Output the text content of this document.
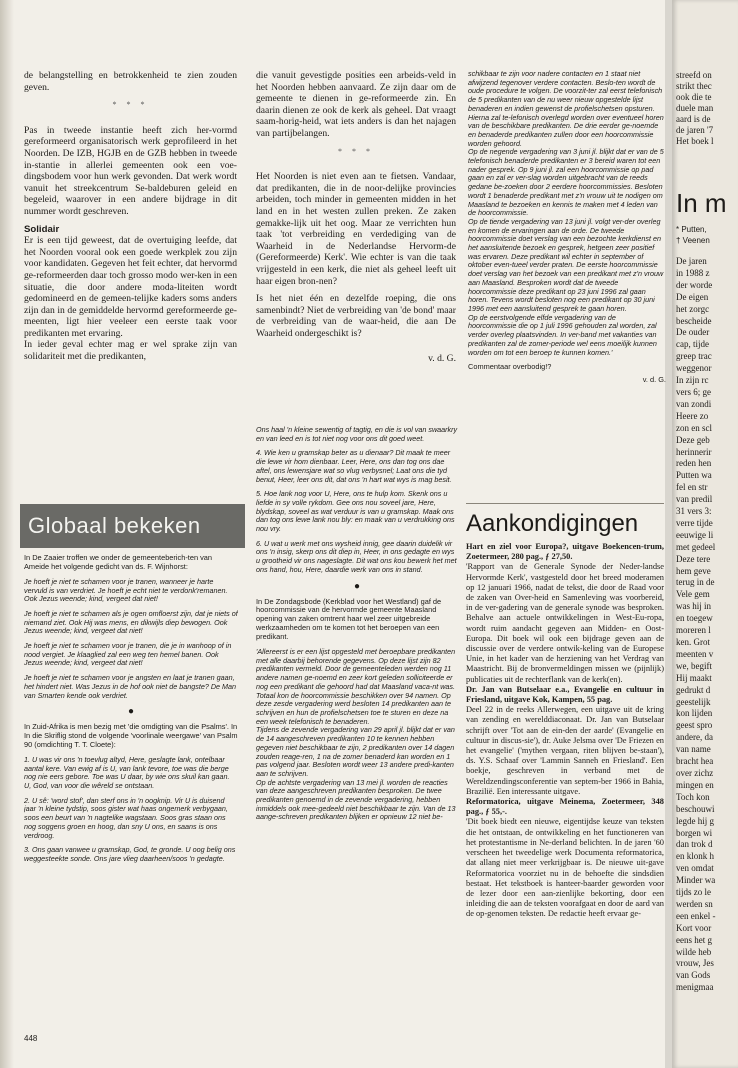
de belangstelling en betrokkenheid te zien zouden geven.

* * *

Pas in tweede instantie heeft zich her-vormd gereformeerd organisatorisch werk geprofileerd in het Noorden. De IZB, HGJB en de GZB hebben in tweede in-stantie in allerlei gemeenten ook een voe-dingsbodem voor hun werk gevonden. Dat werk wordt vanuit het streekcentrum Se-baldeburen geleid en begeleid, waarover in een andere bijdrage in dit nummer wordt geschreven.

Solidair

Er is een tijd geweest, dat de overtuiging leefde, dat het Noorden vooral ook een goede werkplek zou zijn voor kandidaten. Gegeven het feit echter, dat hervormd ge-reformeerden daar toch grosso modo wer-ken in een situatie, die door andere moda-liteiten wordt gedomineerd en de gemeen-telijke kaders soms anders zijn dan in de gemiddelde hervormd gereformeerde ge-meenten, ligt hier veeleer een eerste taak voor predikanten met ervaring.

In ieder geval echter mag er wel sprake zijn van solidariteit met die predikanten,

die vanuit gevestigde posities een arbeids-veld in het Noorden hebben aanvaard. Ze zijn daar om de gemeente te dienen in ge-reformeerde zin. En daarin dienen ze ook de kerk als geheel. Dat vraagt saam-horig-heid, wat iets anders is dan het najagen van partijbelangen.

* * *

Het Noorden is niet even aan te fietsen. Vandaar, dat predikanten, die in de noor-delijke provincies arbeiden, toch minder in gemeenten midden in het land en in het westen zullen preken. Ze zaken gemakke-lijk uit het oog. Maar ze verrichten hun taak 'tot verbreiding en verdediging van de Waarheid in de Nederlandse Hervorm-de (Gereformeerde) Kerk'. Wie echter is van die taak vrijgesteld in een kerk, die niet als geheel leeft uit haar eigen bron-nen?

Is het niet één en dezelfde roeping, die ons samenbindt? Niet de verbreiding van 'de bond' maar de verbreiding van de waar-heid, die aan De Waarheid ondergeschikt is?

v. d. G.
Globaal bekeken
In De Zaaier troffen we onder de gemeenteberich-ten van Ameide het volgende gedicht van ds. F. Wijnhorst:

Je hoeft je niet te schamen voor je tranen, wanneer je harte vervuld is van verdriet. Je hoeft je echt niet te verdonk'remanen. Ook Jezus weende; kind, vergeet dat niet!

Je hoeft je niet te schamen als je ogen omfloerst zijn, dat je niets of niemand ziet. Ook Hij was mens, en dikwijls diep bewogen. Ook Jezus weende; kind, vergeet dat niet!

Je hoeft je niet te schamen voor je tranen, die je in wanhoop of in nood vergiet. Je klaaglied zal een weg ten hemel banen. Ook Jezus weende; kind, vergeet dat niet!

Je hoeft je niet te schamen voor je angsten en laat je tranen gaan, het hindert niet. Was Jezus in de hof ook niet de bangste? De Man van Smarten kende ook verdriet.

●
In Zuid-Afrika is men bezig met 'die omdigting van die Psalms'. In In die Skriflig stond de volgende 'voorlinale weergawe' van Psalm 90 (omdichting T. T. Cloete):

1. U was vir ons 'n toevlug altyd, Here, geslagte lank, ontelbaar aantal kere. Van ewig af is U, van lank tevore, toe was die berge nog nie eers gebore. Toe was U daar, by wie ons skuil kan gaan. U, God, van voor die wêreld se ontstaan.

2. U sê: 'word stof', dan sterf ons in 'n oogknip. Vir U is duisend jaar 'n kleine tydstip, soos gister wat haas ongemerk verbygaan, soos een beurt van 'n nagtelike wagstaan. Soos gras staan ons nog soggens groen en hoog, dan sny U ons, en saans is ons verdroog.

3. Ons gaan vanwee u gramskap, God, te gronde. U oog belig ons weggesteekte sonde. Ons jare vlieg daarheen/soos 'n gedagte.

Ons haal 'n kleine sewentig of tagtig, en die is vol van swaarkry en van leed en is tot niet nog voor ons dit goed weet.

4. Wie ken u gramskap beter as u dienaar? Dit maak te meer die lewe vir hom dienbaar. Leer, Here, ons dan tog ons dae aftel, ons lewensjare wat so vlug verbysnel; Laat ons die tyd benut, Heer, leer ons dit, dat ons 'n hart wat wys is mag besit.

5. Hoe lank nog voor U, Here, ons te hulp kom. Skenk ons u liefde in sy volle rykdom. Gee ons nou soveel jare, Here, blydskap, soveel as wat verduur is van u gramskap. Maak ons dan tog ons lewe lank nou bly: en maak van u verdrukking ons nou vry.

6. U wat u werk met ons wysheid innig, gee daarin duidelik vir ons 'n insig, skerp ons dit diep in, Heer, in ons gedagte en wys u grootheid vir ons nageslagte. Dit wat ons kou bewerk het met ons hand, hou, Here, daardie werk van ons in stand.

●
In De Zondagsbode (Kerkblad voor het Westland) gaf de hoorcommissie van de hervormde gemeente Maasland opening van zaken omtrent haar wel zeer uitgebreide werkzaamheden om te komen tot het beroepen van een predikant.

'Allereerst is er een lijst opgesteld met beroepbare predikanten met alle daarbij behorende gegevens. Op deze lijst zijn 82 predikanten vermeld. Door de gemeenteleden werden nog 11 andere namen ge-noemd en zeer kort geleden solliciteerde er nog een predikant die gehoord had dat Maasland vaca-nt was. Totaal kon de hoorcommissie beschikken over 94 namen. Op deze zesde vergadering werd besloten 14 predikanten aan te schrijven en hun de profielschetsen toe te sturen en deze na een week telefonisch te benaderen.

Tijdens de zevende vergadering van 29 april jl. blijkt dat er van de 14 aangeschreven predikanten 10 te kennen hebben gegeven niet beschikbaar te zijn, 2 predikanten over 14 dagen zouden reage-ren, 1 na de zomer benaderd kan worden en 1 pas volgend jaar. Besloten wordt weer 13 andere predi-kanten aan te schrijven.

Op de achtste vergadering van 13 mei jl. worden de reacties van deze aangeschreven predikanten besproken. De twee predikanten genoemd in de zevende vergadering, hebben inmiddels ook mee-gedeeld niet beschikbaar te zijn. Van de 13 aange-schreven predikanten blijken er opnieuw 12 niet be-

schikbaar te zijn voor nadere contacten en 1 staat niet afwijzend tegenover verdere contacten. Beslo-ten wordt de oude procedure te volgen. De voorzit-ter zal eerst telefonisch de 5 predikanten van de nu weer nieuw opgestelde lijst benaderen en indien gewenst de profielschetsen opsturen. Hierna zal te-lefonisch overlegd worden over eventueel horen van de beschikbare predikanten. De drie eerder ge-noemde en benaderde predikanten zullen door een hoorcommissie worden gehoord.

Op de negende vergadering van 3 juni jl. blijkt dat er van de 5 telefonisch benaderde predikanten er 3 bereid waren tot een nader gesprek. Op 9 juni jl. zal een hoorcommissie op pad gaan en zal er ver-slag worden uitgebracht van de reeds gedane be-zoeken door 2 eerdere hoorcommissies. Besloten wordt 1 benaderde predikant met z'n vrouw uit te nodigen om Maasland te bezoeken en kennis te maken met 4 leden van de hoorcommissie.

Op de tiende vergadering van 13 juni jl. volgt ver-der overleg en komen de ervaringen aan de orde. De tweede hoorcommissie doet verslag van een bezochte kerkdienst en het aansluitende bezoek en gesprek, hetgeen zeer positief was ervaren. Deze predikant wil echter in september of oktober even-tueel verder praten. De eerste hoorcommissie doet verslag van het bezoek van een predikant met z'n vrouw aan Maasland. Besproken wordt dat de tweede hoorcommissie deze predikant op 23 juni 1996 zal gaan horen. Tevens wordt besloten nog een predikant op 30 juni 1996 met een aansluitend gesprek te gaan horen.

Op de eerstvolgende elfde vergadering van de hoorcommissie die op 1 juli 1996 gehouden zal worden, zal verder overleg plaatsvinden. In ver-band met vakanties van predikanten zal de zomer-periode wel eens moeilijk kunnen worden om tot een beroep te kunnen komen.'

Commentaar overbodig!?
v. d. G.
Aankondigingen

Hart en ziel voor Europa?, uitgave Boekencen-trum, Zoetermeer, 280 pag., ƒ 27,50.

'Rapport van de Generale Synode der Neder-landse Hervormde Kerk', vastgesteld door het breed moderamen op 12 januari 1966, nadat de tekst, die door de Raad voor de zaken van Over-heid en Samenleving was voorbereid, in de ver-gadering van de generale synode was besproken. Behalve aan actuele ontwikkelingen in West-Eu-ropa, wordt ruim aandacht gegeven aan Midden- en Oost-Europa. Dit boek wil ook een bijdrage geven aan de discussie over de verdere ontwik-keling van de Europese Unie, in het kader van de herziening van het Verdrag van Maastricht. Bij de bronvermeldingen missen we (pijnlijk) publicaties uit de rechterflank van de kerk(en).

Dr. Jan van Butselaar e.a., Evangelie en cultuur in Friesland, uitgave Kok, Kampen, 55 pag.

Deel 22 in de reeks Allerwegen, een uitgave uit de kring van zending en werelddiaconaat. Dr. Jan van Butselaar schrijft over 'Tot aan de ein-den der aarde' (Evangelie en cultuur in discus-sie'), dr. Auke Jelsma over 'De Friezen en het evangelie' ('mythen vergaan, riten blijven be-staan'), ds. Y.S. Schaaf over 'Lammin Sanneh en Friesland'. Een boekje, geschreven in verband met de Wereldzendingsconferentie van septem-ber 1966 in Bahia, Brazilië. Een interessante uitgave.

Reformatorica, uitgave Meinema, Zoetermeer, 348 pag., ƒ 55,-.

'Dit boek biedt een nieuwe, eigentijdse keuze van teksten die het ontstaan, de ontwikkeling en het functioneren van het protestantisme in Ne-derland belichten. In de jaren '60 verscheen het tweedelige werk Documenta reformatorica, dat allang niet meer verkrijgbaar is. De nieuwe uit-gave Reformatorica voorziet nu in de behoefte die sindsdien bestaat. Het tekstboek is hanteer-baarder geworden voor de lezer door een aan-zienlijke bekorting, door een inleiding die aan de teksten voorafgaat en door de aard van de op-genomen teksten. De redactie heeft ervaar ge-

448
streefd on
strikt thec
ook die te
duele man
aard is de
de jaren '7
Het boek l
In m
* Putten,
† Veenen
De jaren
in 1988 z
der worde
De eigen
het zorgc
bescheide
De ouder
cap, tijde
greep trac
weggenor
In zijn rc
vers 6; ge
van zondi
Heere zo
zon en scl
Deze geb
herinnerir
reden hen
Putten wa
fel en str
van predil
31 vers 3:
verre tijde
eeuwige li
met gedeel
Deze tere
hem geve
terug in de
Vele gem
was hij in
en toegew
moreren l
ken. Grot
meenten v
we, begift
Hij maakt
gedrukt d
geestelijk
kon lijden
geest spro
andere, da
van name
bracht hea
over zichz
mingen en
Toch kon
beschouwi
legde hij g
borgen wi
dan trok d
en klonk h
ven omdat
Minder wa
tijds zo le
werden sn
een enkel -
Kort voor
eens het g
wilde heb
vrouw, Jes
van Gods
menigmaa
